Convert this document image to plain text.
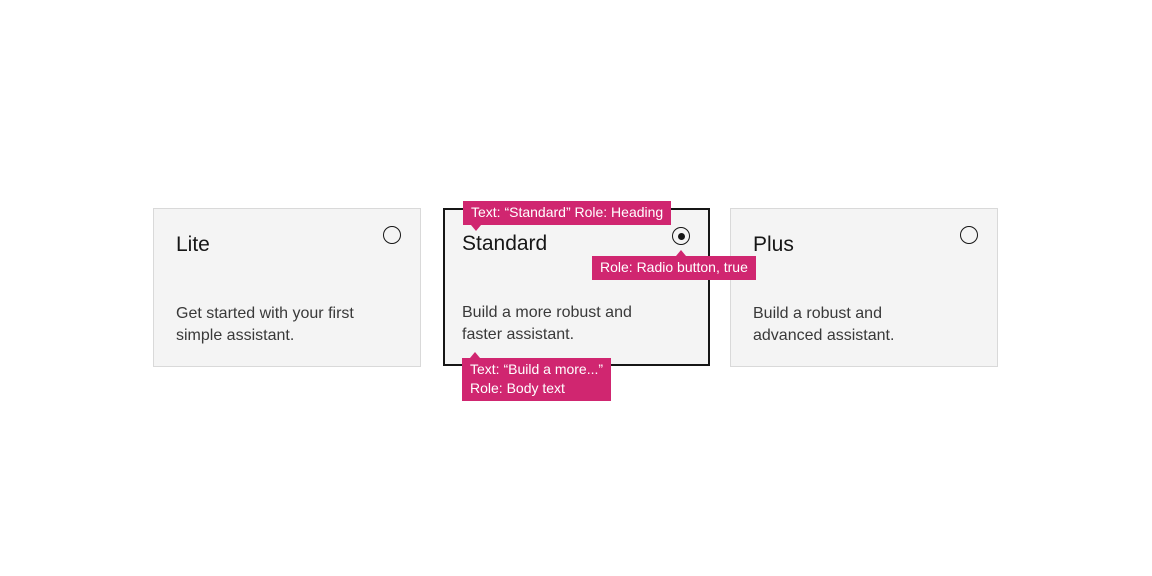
Lite
Get started with your first
simple assistant.
Standard
Build a more robust and
faster assistant.
Plus
Build a robust and
advanced assistant.
Text: “Standard” Role: Heading
Role: Radio button, true
Text: “Build a more...”
Role: Body text
